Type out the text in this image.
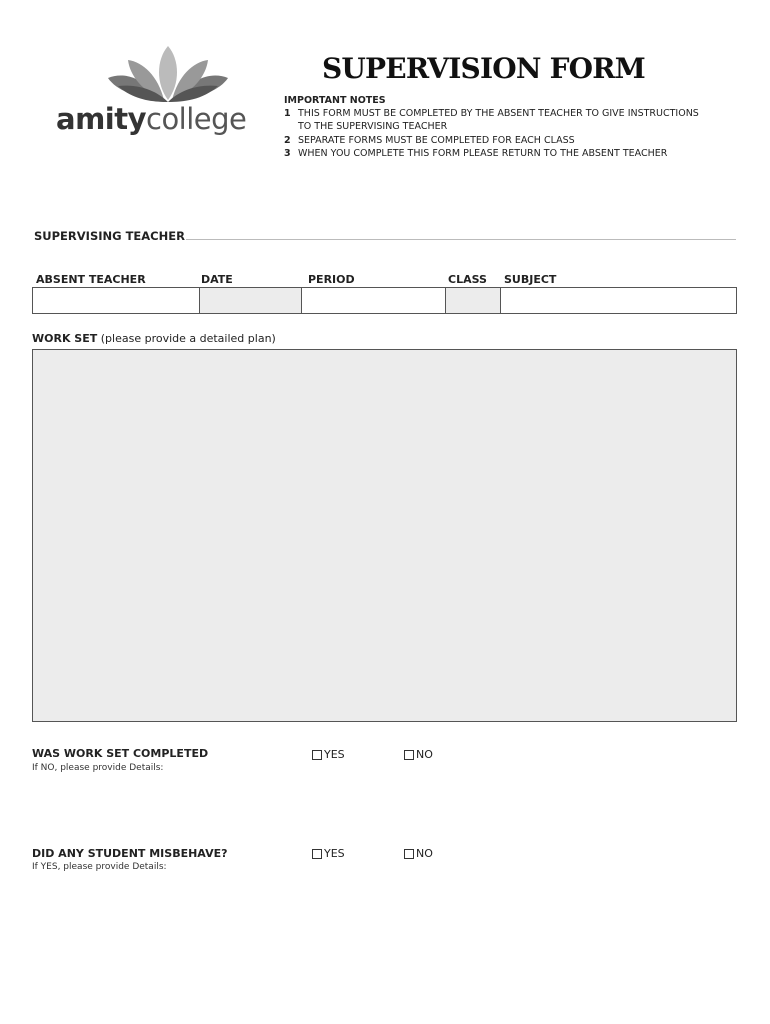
amitycollege
SUPERVISION FORM
IMPORTANT NOTES
1 THIS FORM MUST BE COMPLETED BY THE ABSENT TEACHER TO GIVE INSTRUCTIONS
TO THE SUPERVISING TEACHER
2 SEPARATE FORMS MUST BE COMPLETED FOR EACH CLASS
3 WHEN YOU COMPLETE THIS FORM PLEASE RETURN TO THE ABSENT TEACHER
SUPERVISING TEACHER
ABSENT TEACHER	DATE	PERIOD	CLASS SUBJECT
WORK SET (please provide a detailed plan)
WAS WORK SET COMPLETED
If NO, please provide Details:
YES	NO
DID ANY STUDENT MISBEHAVE?
If YES, please provide Details:
YES	NO
